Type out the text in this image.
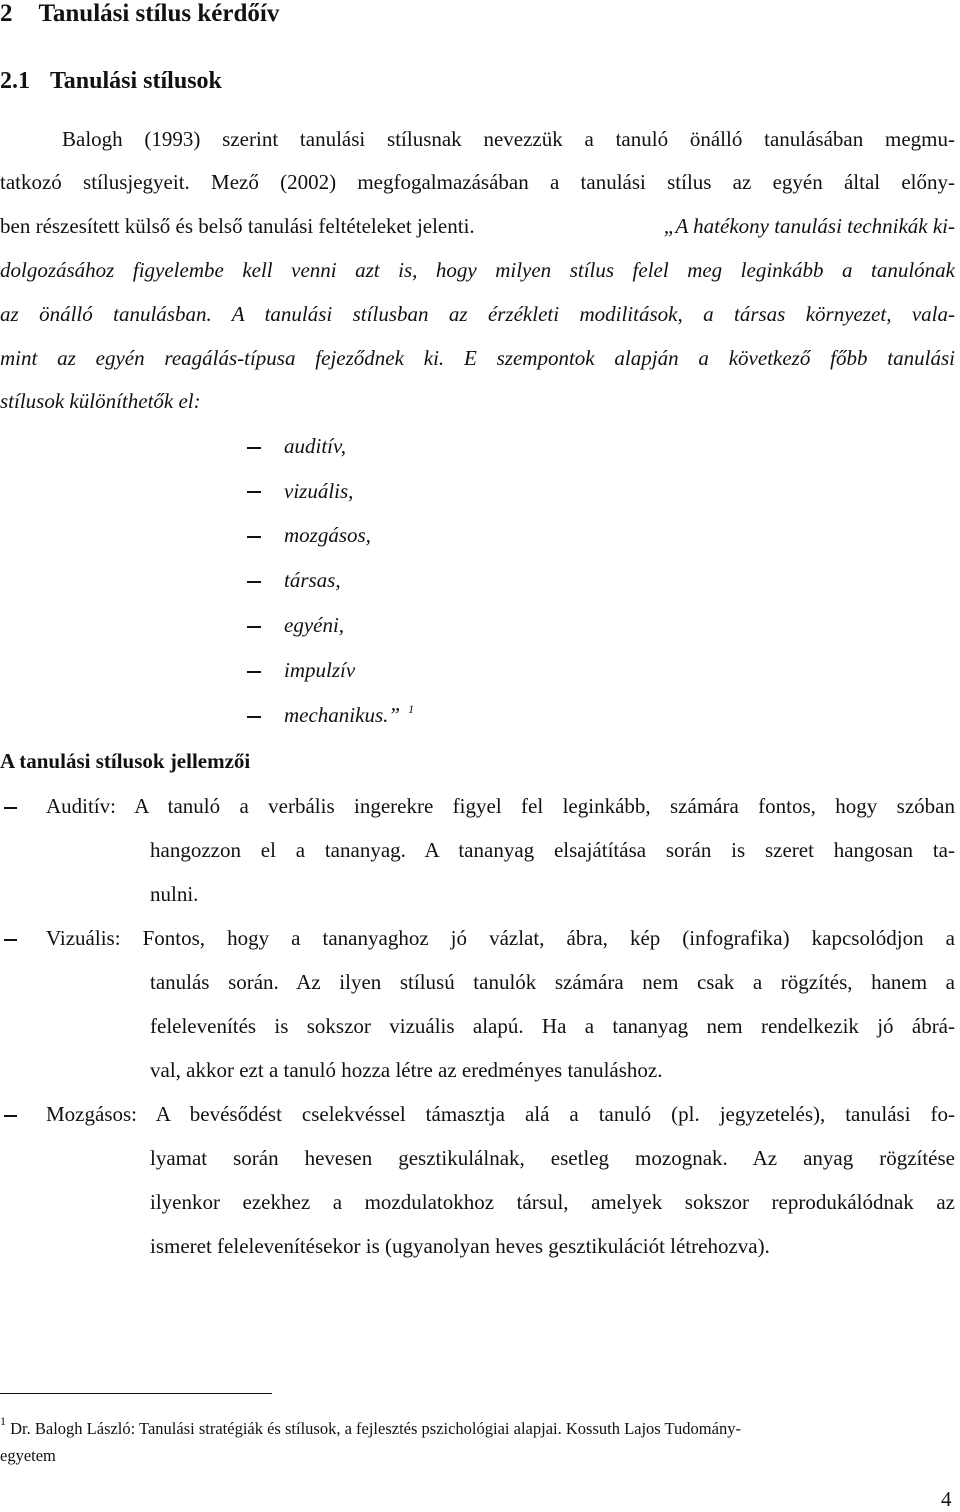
2 Tanulási stílus kérdőív
2.1 Tanulási stílusok
Balogh (1993) szerint tanulási stílusnak nevezzük a tanuló önálló tanulásában megmu-
tatkozó stílusjegyeit. Mező (2002) megfogalmazásában a tanulási stílus az egyén által előny-
ben részesített külső és belső tanulási feltételeket jelenti.	„A hatékony tanulási technikák ki-
dolgozásához figyelembe kell venni azt is, hogy milyen stílus felel meg leginkább a tanulónak
az önálló tanulásban. A tanulási stílusban az érzékleti modilitások, a társas környezet, vala-
mint az egyén reagálás-típusa fejeződnek ki. E szempontok alapján a következő főbb tanulási
stílusok különíthetők el:
auditív,
vizuális,
mozgásos,
társas,
egyéni,
impulzív
mechanikus.” $^1$
A tanulási stílusok jellemzői
Auditív: A tanuló a verbális ingerekre figyel fel leginkább, számára fontos, hogy szóban
hangozzon el a tananyag. A tananyag elsajátítása során is szeret hangosan ta-
nulni.
Vizuális: Fontos, hogy a tananyaghoz jó vázlat, ábra, kép (infografika) kapcsolódjon a
tanulás során. Az ilyen stílusú tanulók számára nem csak a rögzítés, hanem a
felelevenítés is sokszor vizuális alapú. Ha a tananyag nem rendelkezik jó ábrá-
val, akkor ezt a tanuló hozza létre az eredményes tanuláshoz.
Mozgásos: A bevésődést cselekvéssel támasztja alá a tanuló (pl. jegyzetelés), tanulási fo-
lyamat során hevesen gesztikulálnak, esetleg mozognak. Az anyag rögzítése
ilyenkor ezekhez a mozdulatokhoz társul, amelyek sokszor reprodukálódnak az
ismeret felelevenítésekor is (ugyanolyan heves gesztikulációt létrehozva).
$^1$ Dr. Balogh László: Tanulási stratégiák és stílusok, a fejlesztés pszichológiai alapjai. Kossuth Lajos Tudomány-
egyetem
4
